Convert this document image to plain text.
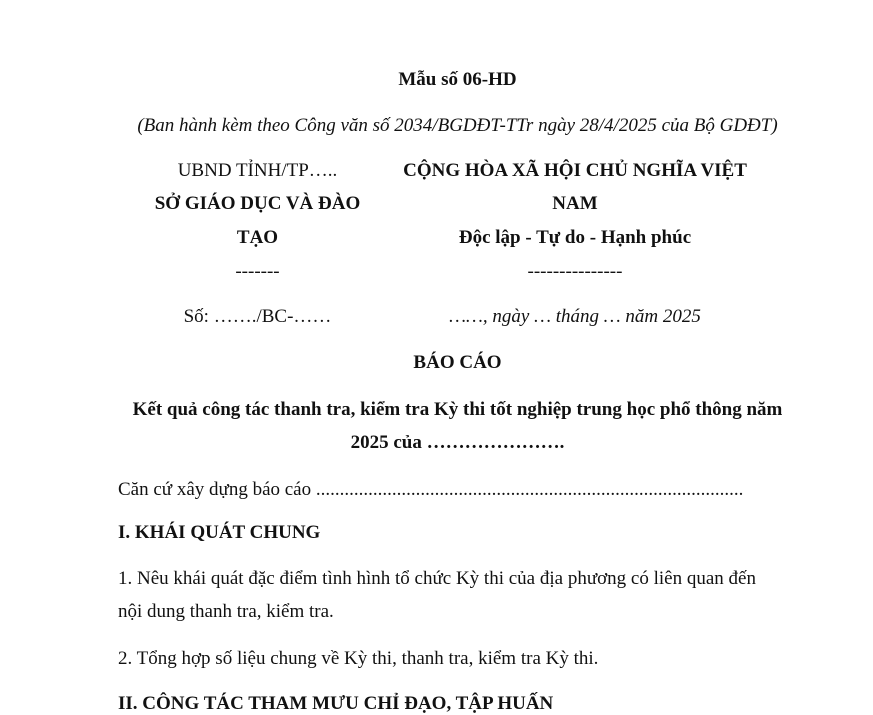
Mẫu số 06-HD
(Ban hành kèm theo Công văn số 2034/BGDĐT-TTr ngày 28/4/2025 của Bộ GDĐT)
UBND TỈNH/TP…..
SỞ GIÁO DỤC VÀ ĐÀO
TẠO
-------
Số: ……./BC-……
CỘNG HÒA XÃ HỘI CHỦ NGHĨA VIỆT
NAM
Độc lập - Tự do - Hạnh phúc
---------------
……, ngày … tháng … năm 2025
BÁO CÁO
Kết quả công tác thanh tra, kiểm tra Kỳ thi tốt nghiệp trung học phổ thông năm
2025 của ………………….
Căn cứ xây dựng báo cáo ..........................................................................................
I. KHÁI QUÁT CHUNG
1. Nêu khái quát đặc điểm tình hình tổ chức Kỳ thi của địa phương có liên quan đến
nội dung thanh tra, kiểm tra.
2. Tổng hợp số liệu chung về Kỳ thi, thanh tra, kiểm tra Kỳ thi.
II. CÔNG TÁC THAM MƯU CHỈ ĐẠO, TẬP HUẤN
